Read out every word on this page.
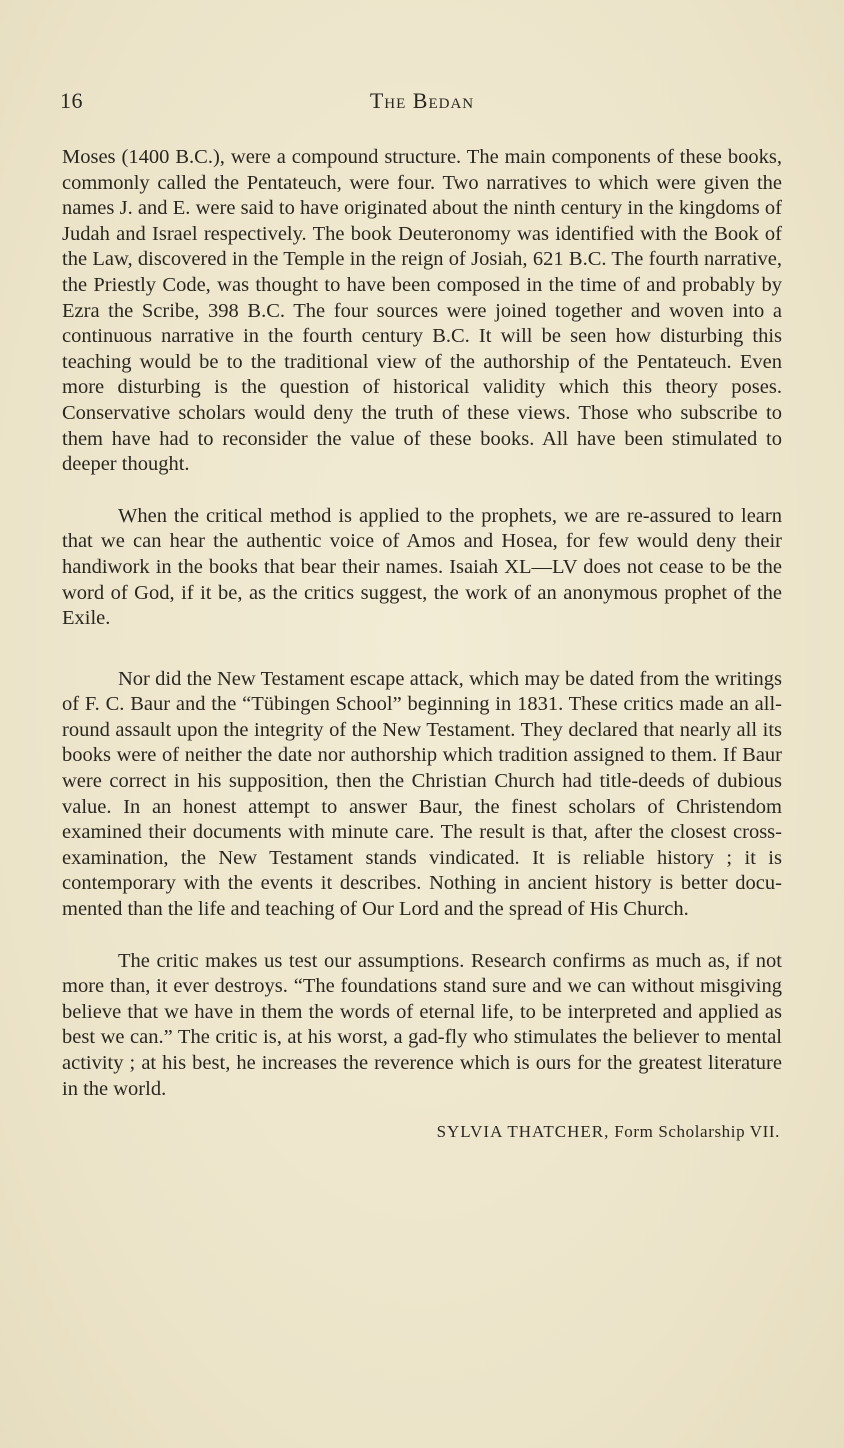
16	The Bedan

Moses (1400 B.C.), were a compound structure. The main components of these books, commonly called the Pentateuch, were four. Two narratives to which were given the names J. and E. were said to have originated about the ninth century in the kingdoms of Judah and Israel respectively. The book Deuteronomy was identified with the Book of the Law, discovered in the Temple in the reign of Josiah, 621 B.C. The fourth narrative, the Priestly Code, was thought to have been composed in the time of and probably by Ezra the Scribe, 398 B.C. The four sources were joined together and woven into a continuous narrative in the fourth century B.C. It will be seen how disturbing this teaching would be to the traditional view of the authorship of the Pentateuch. Even more disturbing is the question of historical validity which this theory poses. Conservative scholars would deny the truth of these views. Those who subscribe to them have had to reconsider the value of these books. All have been stimulated to deeper thought.

When the critical method is applied to the prophets, we are re-assured to learn that we can hear the authentic voice of Amos and Hosea, for few would deny their handiwork in the books that bear their names. Isaiah XL—LV does not cease to be the word of God, if it be, as the critics suggest, the work of an anonymous prophet of the Exile.

Nor did the New Testament escape attack, which may be dated from the writings of F. C. Baur and the “Tübingen School” beginning in 1831. These critics made an all-round assault upon the integrity of the New Testament. They declared that nearly all its books were of neither the date nor authorship which tradition assigned to them. If Baur were correct in his supposition, then the Christian Church had title-deeds of dubious value. In an honest attempt to answer Baur, the finest scholars of Christendom examined their documents with minute care. The result is that, after the closest cross-examination, the New Testament stands vindicated. It is reliable history ; it is contemporary with the events it describes. Nothing in ancient history is better documented than the life and teaching of Our Lord and the spread of His Church.

The critic makes us test our assumptions. Research confirms as much as, if not more than, it ever destroys. “The foundations stand sure and we can without misgiving believe that we have in them the words of eternal life, to be interpreted and applied as best we can.” The critic is, at his worst, a gad-fly who stimulates the believer to mental activity ; at his best, he increases the reverence which is ours for the greatest literature in the world.

SYLVIA THATCHER, Form Scholarship VII.
